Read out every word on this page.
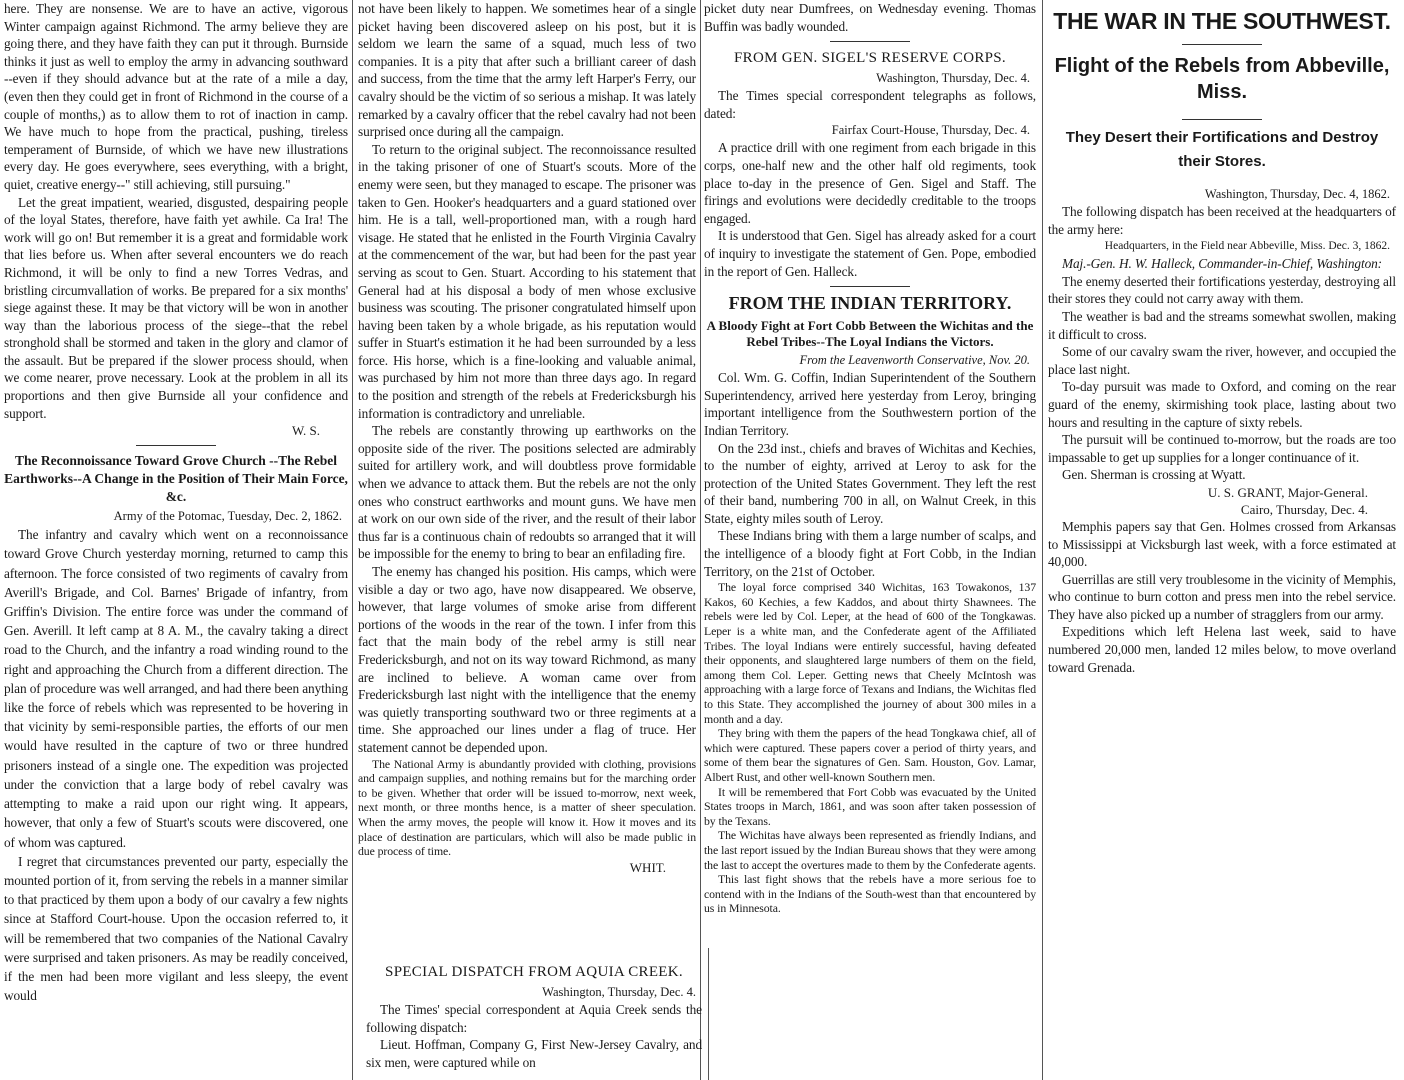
here. They are nonsense. We are to have an active, vigorous Winter campaign against Richmond. The army believe they are going there, and they have faith they can put it through. Burnside thinks it just as well to employ the army in advancing southward --even if they should advance but at the rate of a mile a day, (even then they could get in front of Richmond in the course of a couple of months,) as to allow them to rot of inaction in camp. We have much to hope from the practical, pushing, tireless temperament of Burnside, of which we have new illustrations every day. He goes everywhere, sees everything, with a bright, quiet, creative energy--" still achieving, still pursuing."

Let the great impatient, wearied, disgusted, despairing people of the loyal States, therefore, have faith yet awhile. Ca Ira! The work will go on! But remember it is a great and formidable work that lies before us. When after several encounters we do reach Richmond, it will be only to find a new Torres Vedras, and bristling circumvallation of works. Be prepared for a six months' siege against these. It may be that victory will be won in another way than the laborious process of the siege--that the rebel stronghold shall be stormed and taken in the glory and clamor of the assault. But be prepared if the slower process should, when we come nearer, prove necessary. Look at the problem in all its proportions and then give Burnside all your confidence and support.

W. S.
The Reconnoissance Toward Grove Church --The Rebel Earthworks--A Change in the Position of Their Main Force, &c.
Army of the Potomac, Tuesday, Dec. 2, 1862.

The infantry and cavalry which went on a reconnoissance toward Grove Church yesterday morning, returned to camp this afternoon. The force consisted of two regiments of cavalry from Averill's Brigade, and Col. Barnes' Brigade of infantry, from Griffin's Division. The entire force was under the command of Gen. Averill. It left camp at 8 A. M., the cavalry taking a direct road to the Church, and the infantry a road winding round to the right and approaching the Church from a different direction. The plan of procedure was well arranged, and had there been anything like the force of rebels which was represented to be hovering in that vicinity by semi-responsible parties, the efforts of our men would have resulted in the capture of two or three hundred prisoners instead of a single one. The expedition was projected under the conviction that a large body of rebel cavalry was attempting to make a raid upon our right wing. It appears, however, that only a few of Stuart's scouts were discovered, one of whom was captured.

I regret that circumstances prevented our party, especially the mounted portion of it, from serving the rebels in a manner similar to that practiced by them upon a body of our cavalry a few nights since at Stafford Court-house. Upon the occasion referred to, it will be remembered that two companies of the National Cavalry were surprised and taken prisoners. As may be readily conceived, if the men had been more vigilant and less sleepy, the event would

not have been likely to happen. We sometimes hear of a single picket having been discovered asleep on his post, but it is seldom we learn the same of a squad, much less of two companies. It is a pity that after such a brilliant career of dash and success, from the time that the army left Harper's Ferry, our cavalry should be the victim of so serious a mishap. It was lately remarked by a cavalry officer that the rebel cavalry had not been surprised once during all the campaign.

To return to the original subject. The reconnoissance resulted in the taking prisoner of one of Stuart's scouts. More of the enemy were seen, but they managed to escape. The prisoner was taken to Gen. Hooker's headquarters and a guard stationed over him. He is a tall, well-proportioned man, with a rough hard visage. He stated that he enlisted in the Fourth Virginia Cavalry at the commencement of the war, but had been for the past year serving as scout to Gen. Stuart. According to his statement that General had at his disposal a body of men whose exclusive business was scouting. The prisoner congratulated himself upon having been taken by a whole brigade, as his reputation would suffer in Stuart's estimation it he had been surrounded by a less force. His horse, which is a fine-looking and valuable animal, was purchased by him not more than three days ago. In regard to the position and strength of the rebels at Fredericksburgh his information is contradictory and unreliable.

The rebels are constantly throwing up earthworks on the opposite side of the river. The positions selected are admirably suited for artillery work, and will doubtless prove formidable when we advance to attack them. But the rebels are not the only ones who construct earthworks and mount guns. We have men at work on our own side of the river, and the result of their labor thus far is a continuous chain of redoubts so arranged that it will be impossible for the enemy to bring to bear an enfilading fire.

The enemy has changed his position. His camps, which were visible a day or two ago, have now disappeared. We observe, however, that large volumes of smoke arise from different portions of the woods in the rear of the town. I infer from this fact that the main body of the rebel army is still near Fredericksburgh, and not on its way toward Richmond, as many are inclined to believe. A woman came over from Fredericksburgh last night with the intelligence that the enemy was quietly transporting southward two or three regiments at a time. She approached our lines under a flag of truce. Her statement cannot be depended upon.

The National Army is abundantly provided with clothing, provisions and campaign supplies, and nothing remains but for the marching order to be given. Whether that order will be issued to-morrow, next week, next month, or three months hence, is a matter of sheer speculation. When the army moves, the people will know it. How it moves and its place of destination are particulars, which will also be made public in due process of time.

WHIT.
SPECIAL DISPATCH FROM AQUIA CREEK.
Washington, Thursday, Dec. 4.

The Times' special correspondent at Aquia Creek sends the following dispatch:

Lieut. Hoffman, Company G, First New-Jersey Cavalry, and six men, were captured while on

picket duty near Dumfrees, on Wednesday evening. Thomas Buffin was badly wounded.

FROM GEN. SIGEL'S RESERVE CORPS.
Washington, Thursday, Dec. 4.

The Times special correspondent telegraphs as follows, dated:

Fairfax Court-House, Thursday, Dec. 4.

A practice drill with one regiment from each brigade in this corps, one-half new and the other half old regiments, took place to-day in the presence of Gen. Sigel and Staff. The firings and evolutions were decidedly creditable to the troops engaged.

It is understood that Gen. Sigel has already asked for a court of inquiry to investigate the statement of Gen. Pope, embodied in the report of Gen. Halleck.

FROM THE INDIAN TERRITORY.
A Bloody Fight at Fort Cobb Between the Wichitas and the Rebel Tribes--The Loyal Indians the Victors.
From the Leavenworth Conservative, Nov. 20.

Col. Wm. G. Coffin, Indian Superintendent of the Southern Superintendency, arrived here yesterday from Leroy, bringing important intelligence from the Southwestern portion of the Indian Territory.

On the 23d inst., chiefs and braves of Wichitas and Kechies, to the number of eighty, arrived at Leroy to ask for the protection of the United States Government. They left the rest of their band, numbering 700 in all, on Walnut Creek, in this State, eighty miles south of Leroy.

These Indians bring with them a large number of scalps, and the intelligence of a bloody fight at Fort Cobb, in the Indian Territory, on the 21st of October.

The loyal force comprised 340 Wichitas, 163 Towakonos, 137 Kakos, 60 Kechies, a few Kaddos, and about thirty Shawnees. The rebels were led by Col. Leper, at the head of 600 of the Tongkawas. Leper is a white man, and the Confederate agent of the Affiliated Tribes. The loyal Indians were entirely successful, having defeated their opponents, and slaughtered large numbers of them on the field, among them Col. Leper. Getting news that Cheely McIntosh was approaching with a large force of Texans and Indians, the Wichitas fled to this State. They accomplished the journey of about 300 miles in a month and a day.

They bring with them the papers of the head Tongkawa chief, all of which were captured. These papers cover a period of thirty years, and some of them bear the signatures of Gen. Sam. Houston, Gov. Lamar, Albert Rust, and other well-known Southern men.

It will be remembered that Fort Cobb was evacuated by the United States troops in March, 1861, and was soon after taken possession of by the Texans.

The Wichitas have always been represented as friendly Indians, and the last report issued by the Indian Bureau shows that they were among the last to accept the overtures made to them by the Confederate agents.

This last fight shows that the rebels have a more serious foe to contend with in the Indians of the South-west than that encountered by us in Minnesota.

THE WAR IN THE SOUTHWEST.
Flight of the Rebels from Abbeville, Miss.
They Desert their Fortifications and Destroy their Stores.
Washington, Thursday, Dec. 4, 1862.

The following dispatch has been received at the headquarters of the army here:

Headquarters, in the Field near Abbeville, Miss. Dec. 3, 1862.

Maj.-Gen. H. W. Halleck, Commander-in-Chief, Washington:

The enemy deserted their fortifications yesterday, destroying all their stores they could not carry away with them.

The weather is bad and the streams somewhat swollen, making it difficult to cross.

Some of our cavalry swam the river, however, and occupied the place last night.

To-day pursuit was made to Oxford, and coming on the rear guard of the enemy, skirmishing took place, lasting about two hours and resulting in the capture of sixty rebels.

The pursuit will be continued to-morrow, but the roads are too impassable to get up supplies for a longer continuance of it.

Gen. Sherman is crossing at Wyatt.

U. S. GRANT, Major-General.
Cairo, Thursday, Dec. 4.

Memphis papers say that Gen. Holmes crossed from Arkansas to Mississippi at Vicksburgh last week, with a force estimated at 40,000.

Guerrillas are still very troublesome in the vicinity of Memphis, who continue to burn cotton and press men into the rebel service. They have also picked up a number of stragglers from our army.

Expeditions which left Helena last week, said to have numbered 20,000 men, landed 12 miles below, to move overland toward Grenada.
